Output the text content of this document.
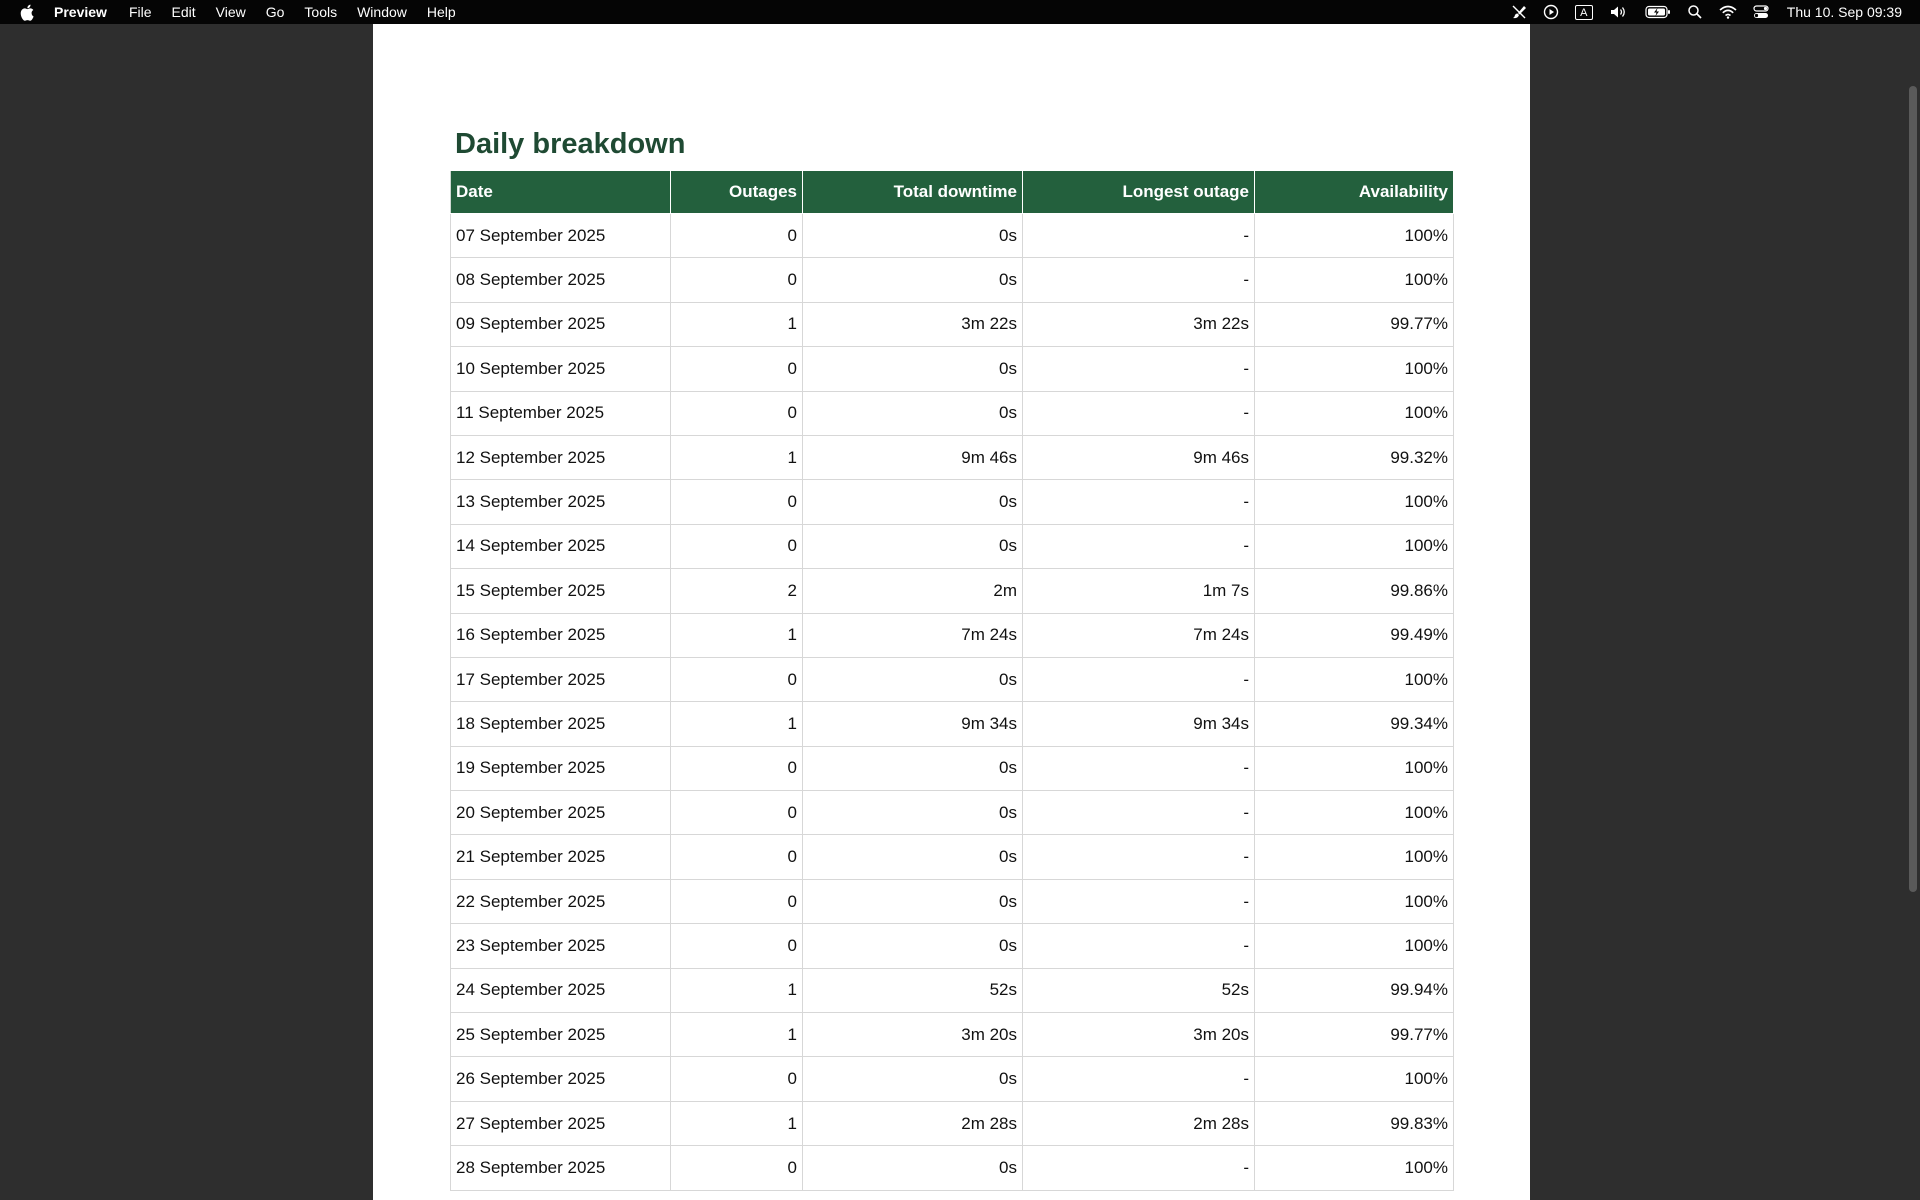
Preview File Edit View Go Tools Window Help	A	Thu 10. Sep 09:39
Daily breakdown
Date	Outages	Total downtime	Longest outage	Availability
07 September 2025	0	0s	-	100%
08 September 2025	0	0s	-	100%
09 September 2025	1	3m 22s	3m 22s	99.77%
10 September 2025	0	0s	-	100%
11 September 2025	0	0s	-	100%
12 September 2025	1	9m 46s	9m 46s	99.32%
13 September 2025	0	0s	-	100%
14 September 2025	0	0s	-	100%
15 September 2025	2	2m	1m 7s	99.86%
16 September 2025	1	7m 24s	7m 24s	99.49%
17 September 2025	0	0s	-	100%
18 September 2025	1	9m 34s	9m 34s	99.34%
19 September 2025	0	0s	-	100%
20 September 2025	0	0s	-	100%
21 September 2025	0	0s	-	100%
22 September 2025	0	0s	-	100%
23 September 2025	0	0s	-	100%
24 September 2025	1	52s	52s	99.94%
25 September 2025	1	3m 20s	3m 20s	99.77%
26 September 2025	0	0s	-	100%
27 September 2025	1	2m 28s	2m 28s	99.83%
28 September 2025	0	0s	-	100%
